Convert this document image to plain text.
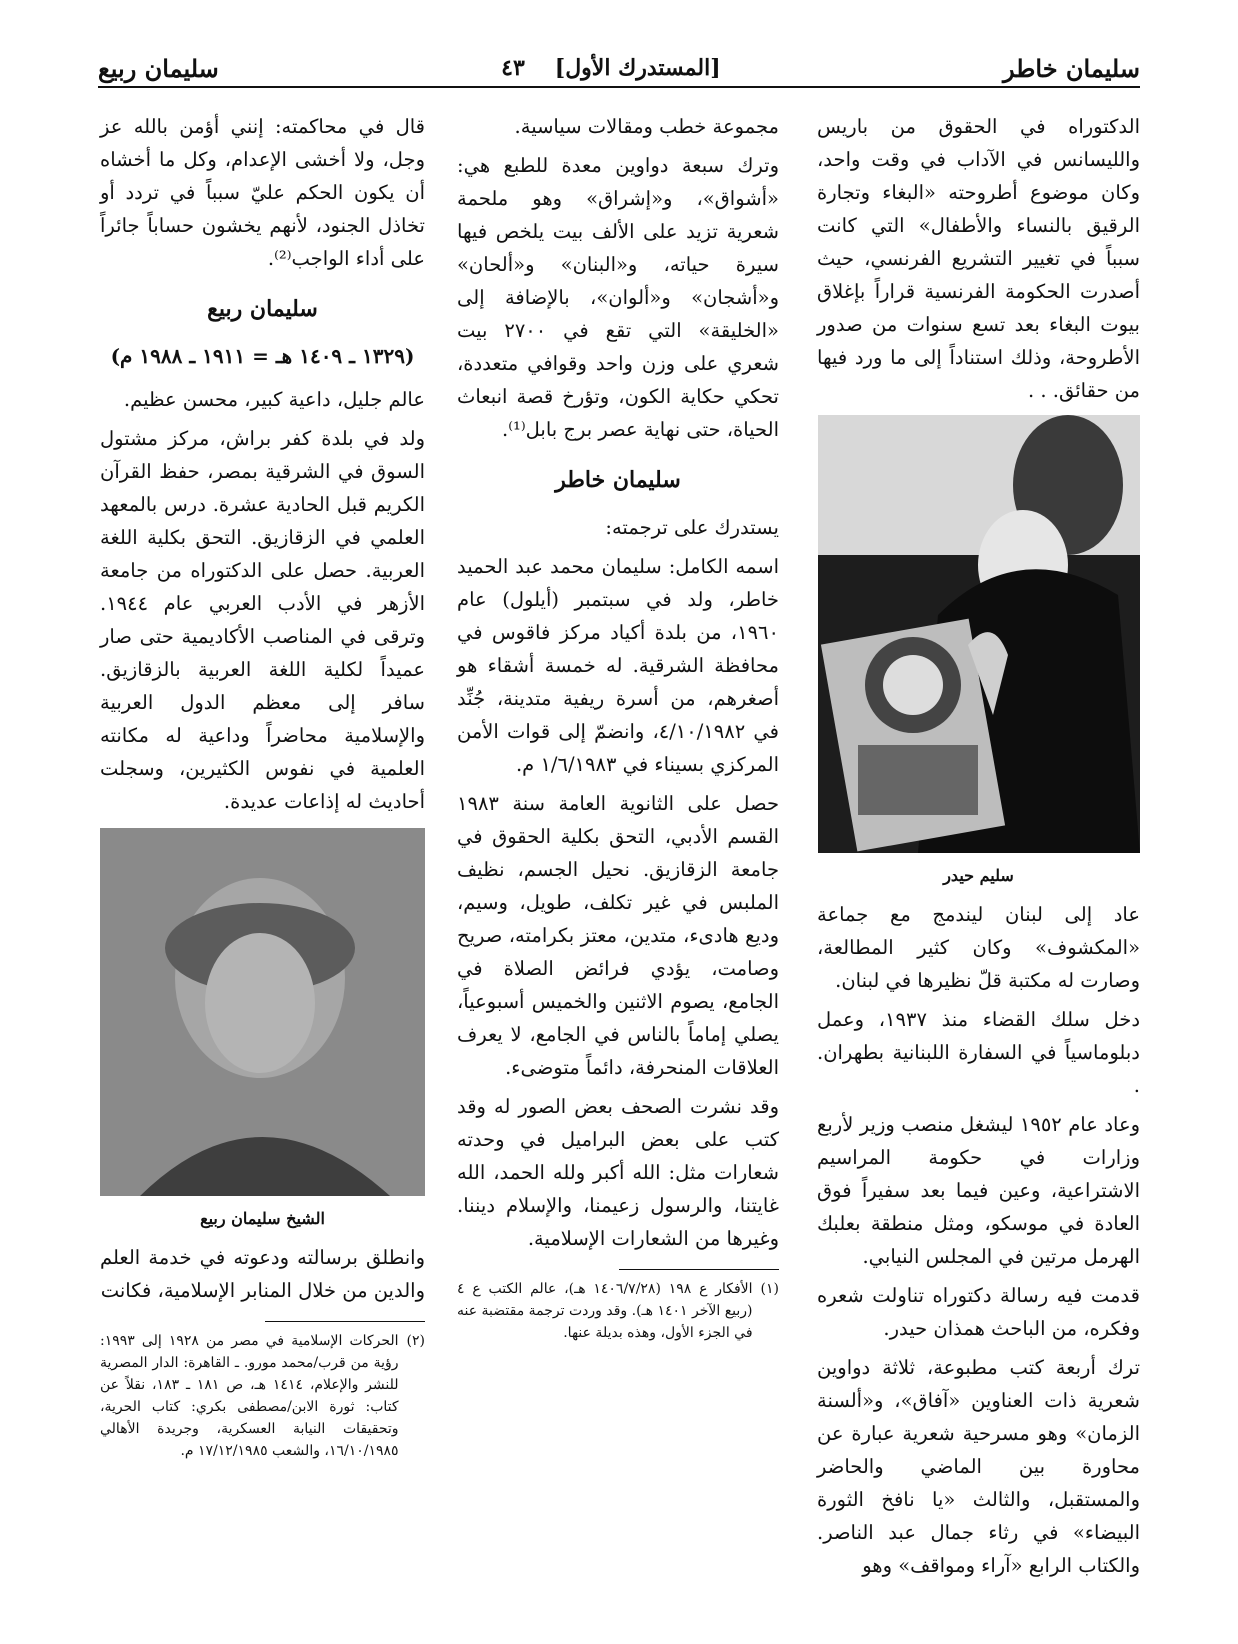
سليمان خاطر
[المستدرك الأول]
٤٣
سليمان ربيع

الدكتوراه في الحقوق من باريس والليسانس في الآداب في وقت واحد، وكان موضوع أطروحته «البغاء وتجارة الرقيق بالنساء والأطفال» التي كانت سبباً في تغيير التشريع الفرنسي، حيث أصدرت الحكومة الفرنسية قراراً بإغلاق بيوت البغاء بعد تسع سنوات من صدور الأطروحة، وذلك استناداً إلى ما ورد فيها من حقائق. . .

سليم حيدر

عاد إلى لبنان ليندمج مع جماعة «المكشوف» وكان كثير المطالعة، وصارت له مكتبة قلّ نظيرها في لبنان.

دخل سلك القضاء منذ ١٩٣٧، وعمل دبلوماسياً في السفارة اللبنانية بطهران. .

وعاد عام ١٩٥٢ ليشغل منصب وزير لأربع وزارات في حكومة المراسيم الاشتراعية، وعين فيما بعد سفيراً فوق العادة في موسكو، ومثل منطقة بعلبك الهرمل مرتين في المجلس النيابي.

قدمت فيه رسالة دكتوراه تناولت شعره وفكره، من الباحث همذان حيدر.

ترك أربعة كتب مطبوعة، ثلاثة دواوين شعرية ذات العناوين «آفاق»، و«ألسنة الزمان» وهو مسرحية شعرية عبارة عن محاورة بين الماضي والحاضر والمستقبل، والثالث «يا نافخ الثورة البيضاء» في رثاء جمال عبد الناصر. والكتاب الرابع «آراء ومواقف» وهو

مجموعة خطب ومقالات سياسية.

وترك سبعة دواوين معدة للطبع هي: «أشواق»، و«إشراق» وهو ملحمة شعرية تزيد على الألف بيت يلخص فيها سيرة حياته، و«البنان» و«ألحان» و«أشجان» و«ألوان»، بالإضافة إلى «الخليقة» التي تقع في ٢٧٠٠ بيت شعري على وزن واحد وقوافي متعددة، تحكي حكاية الكون، وتؤرخ قصة انبعاث الحياة، حتى نهاية عصر برج بابل⁽¹⁾.

سليمان خاطر

يستدرك على ترجمته:

اسمه الكامل: سليمان محمد عبد الحميد خاطر، ولد في سبتمبر (أيلول) عام ١٩٦٠، من بلدة أكياد مركز فاقوس في محافظة الشرقية. له خمسة أشقاء هو أصغرهم، من أسرة ريفية متدينة، جُنِّد في ٤/١٠/١٩٨٢، وانضمّ إلى قوات الأمن المركزي بسيناء في ١/٦/١٩٨٣ م.

حصل على الثانوية العامة سنة ١٩٨٣ القسم الأدبي، التحق بكلية الحقوق في جامعة الزقازيق. نحيل الجسم، نظيف الملبس في غير تكلف، طويل، وسيم، وديع هادىء، متدين، معتز بكرامته، صريح وصامت، يؤدي فرائض الصلاة في الجامع، يصوم الاثنين والخميس أسبوعياً، يصلي إماماً بالناس في الجامع، لا يعرف العلاقات المنحرفة، دائماً متوضىء.

وقد نشرت الصحف بعض الصور له وقد كتب على بعض البراميل في وحدته شعارات مثل: الله أكبر ولله الحمد، الله غايتنا، والرسول زعيمنا، والإسلام ديننا. وغيرها من الشعارات الإسلامية.

(١)
الأفكار ع ١٩٨ (١٤٠٦/٧/٢٨ هـ)، عالم الكتب ع ٤ (ربيع الآخر ١٤٠١ هـ). وقد وردت ترجمة مقتضبة عنه في الجزء الأول، وهذه بديلة عنها.

قال في محاكمته: إنني أؤمن بالله عز وجل، ولا أخشى الإعدام، وكل ما أخشاه أن يكون الحكم عليّ سبباً في تردد أو تخاذل الجنود، لأنهم يخشون حساباً جائراً على أداء الواجب⁽²⁾.

سليمان ربيع
(١٣٢٩ ـ ١٤٠٩ هـ = ١٩١١ ـ ١٩٨٨ م)

عالم جليل، داعية كبير، محسن عظيم.

ولد في بلدة كفر براش، مركز مشتول السوق في الشرقية بمصر، حفظ القرآن الكريم قبل الحادية عشرة. درس بالمعهد العلمي في الزقازيق. التحق بكلية اللغة العربية. حصل على الدكتوراه من جامعة الأزهر في الأدب العربي عام ١٩٤٤. وترقى في المناصب الأكاديمية حتى صار عميداً لكلية اللغة العربية بالزقازيق. سافر إلى معظم الدول العربية والإسلامية محاضراً وداعية له مكانته العلمية في نفوس الكثيرين، وسجلت أحاديث له إذاعات عديدة.

الشيخ سليمان ربيع

وانطلق برسالته ودعوته في خدمة العلم والدين من خلال المنابر الإسلامية، فكانت

(٢)
الحركات الإسلامية في مصر من ١٩٢٨ إلى ١٩٩٣: رؤية من قرب/محمد مورو. ـ القاهرة: الدار المصرية للنشر والإعلام، ١٤١٤ هـ، ص ١٨١ ـ ١٨٣، نقلاً عن كتاب: ثورة الابن/مصطفى بكري: كتاب الحرية، وتحقيقات النيابة العسكرية، وجريدة الأهالي ١٦/١٠/١٩٨٥، والشعب ١٧/١٢/١٩٨٥ م.
